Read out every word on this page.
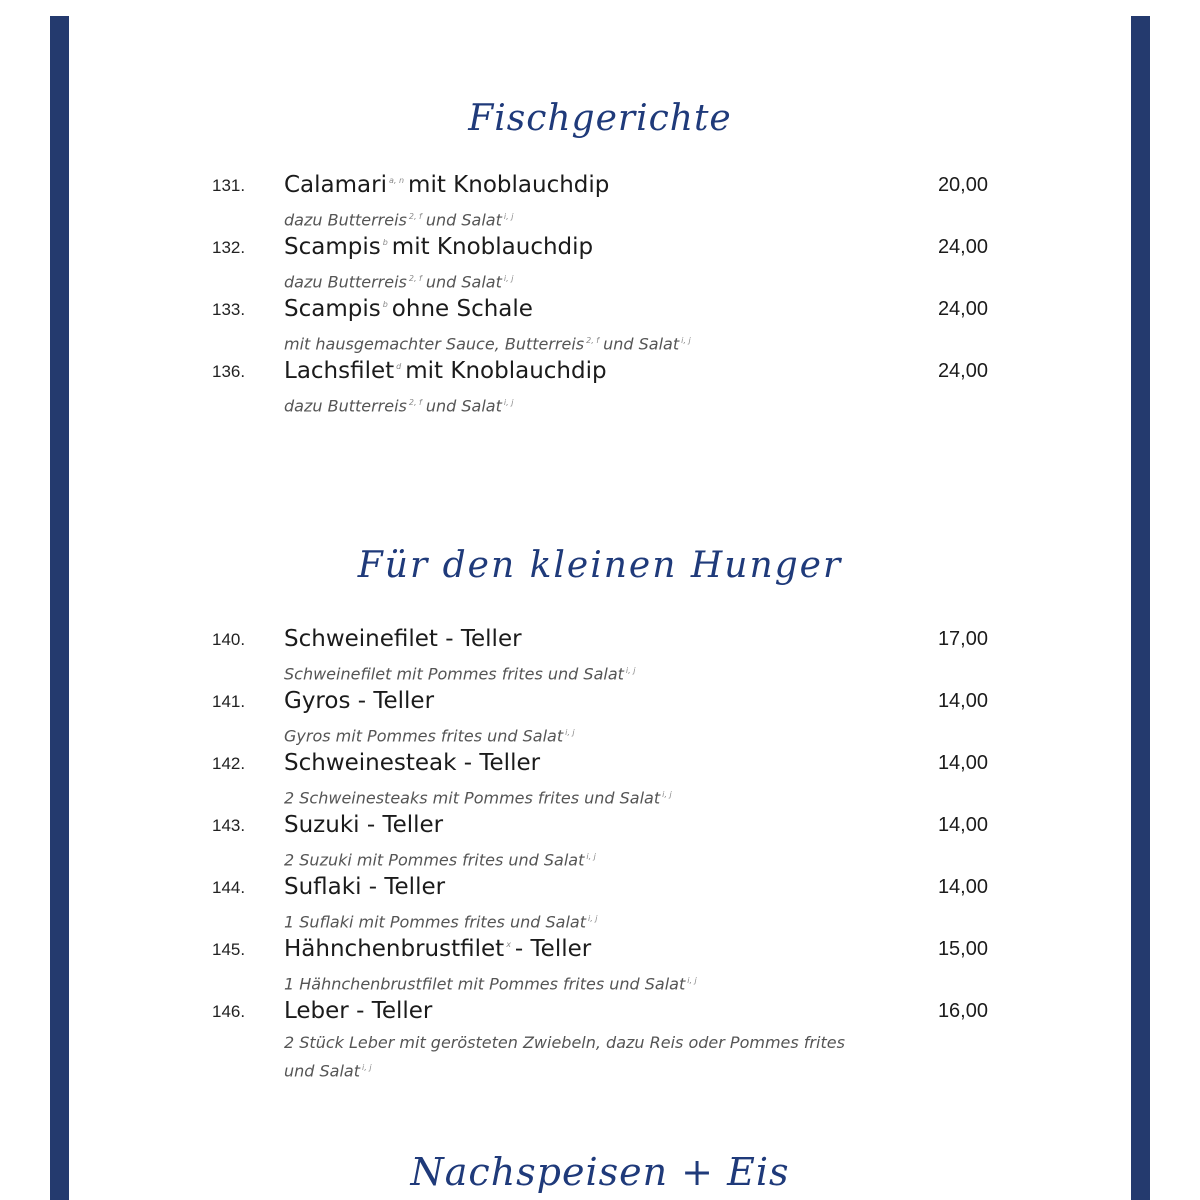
Fischgerichte
131. Calamari $^{a, n}$ mit Knoblauchdip
dazu Butterreis $^{2, f}$ und Salat $^{i, j}$
20,00
132. Scampis $^b$ mit Knoblauchdip
dazu Butterreis $^{2, f}$ und Salat $^{i, j}$
24,00
133. Scampis $^b$ ohne Schale
mit hausgemachter Sauce, Butterreis $^{2, f}$ und Salat $^{i, j}$
24,00
136. Lachsfilet $^d$ mit Knoblauchdip
dazu Butterreis $^{2, f}$ und Salat $^{i, j}$
24,00
Für den kleinen Hunger
140. Schweinefilet - Teller
Schweinefilet mit Pommes frites und Salat $^{i, j}$
17,00
141. Gyros - Teller
Gyros mit Pommes frites und Salat $^{i, j}$
14,00
142. Schweinesteak - Teller
2 Schweinesteaks mit Pommes frites und Salat $^{i, j}$
14,00
143. Suzuki - Teller
2 Suzuki mit Pommes frites und Salat $^{i, j}$
14,00
144. Suflaki - Teller
1 Suflaki mit Pommes frites und Salat $^{i, j}$
14,00
145. Hähnchenbrustfilet $^x$ - Teller
1 Hähnchenbrustfilet mit Pommes frites und Salat $^{i, j}$
15,00
146. Leber - Teller
2 Stück Leber mit gerösteten Zwiebeln, dazu Reis oder Pommes frites und Salat $^{i, j}$
16,00
Nachspeisen + Eis
